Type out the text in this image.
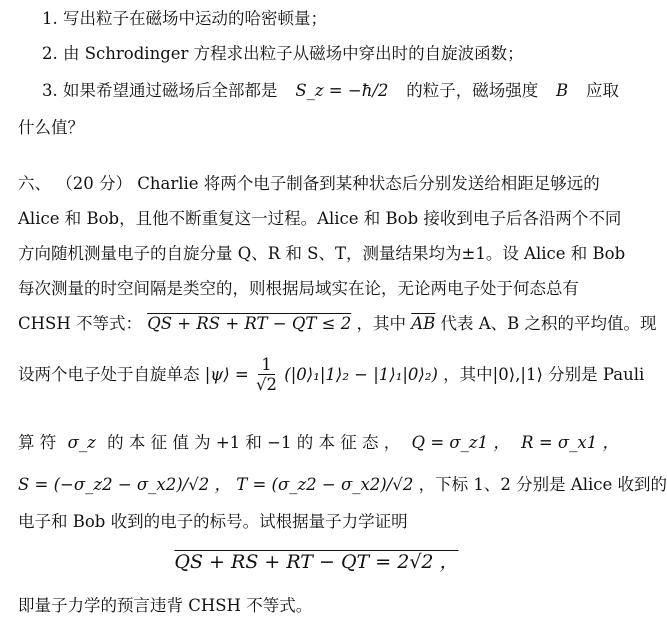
1. 写出粒子在磁场中运动的哈密顿量；
2. 由 Schrodinger 方程求出粒子从磁场中穿出时的自旋波函数；
3. 如果希望通过磁场后全部都是 S_z = −ħ/2 的粒子，磁场强度 B 应取
什么值？
六、 （20 分） Charlie 将两个电子制备到某种状态后分别发送给相距足够远的
Alice 和 Bob，且他不断重复这一过程。Alice 和 Bob 接收到电子后各沿两个不同
方向随机测量电子的自旋分量 Q、R 和 S、T，测量结果均为±1。设 Alice 和 Bob
每次测量的时空间隔是类空的，则根据局域实在论，无论两电子处于何态总有
CHSH 不等式： QS + RS + RT − QT ≤ 2 ，其中 $\overline{AB}$ 代表 A、B 之积的平均值。现
设两个电子处于自旋单态 |ψ⟩ = $\frac{1}{√2}$ (|0⟩₁|1⟩₂ − |1⟩₁|0⟩₂) ，其中|0⟩,|1⟩ 分别是 Pauli
算 符 σ_z 的 本 征 值 为 +1 和 −1 的 本 征 态 ， Q = σ_z1 ， R = σ_x1 ，
S = (−σ_z2 − σ_x2)/√2 ， T = (σ_z2 − σ_x2)/√2 ，下标 1、2 分别是 Alice 收到的
电子和 Bob 收到的电子的标号。试根据量子力学证明
QS + RS + RT − QT = 2√2 ，
即量子力学的预言违背 CHSH 不等式。
